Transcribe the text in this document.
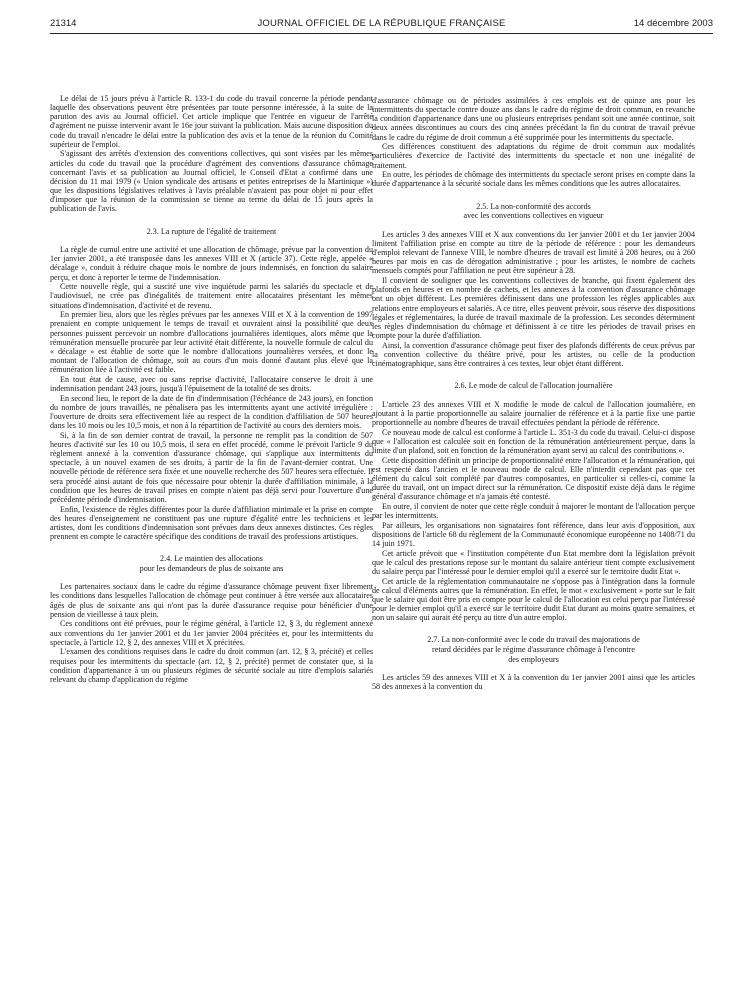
21314	JOURNAL OFFICIEL DE LA RÉPUBLIQUE FRANÇAISE	14 décembre 2003

Le délai de 15 jours prévu à l'article R. 133-1 du code du travail concerne la période pendant laquelle des observations peuvent être présentées par toute personne intéressée, à la suite de la parution des avis au Journal officiel. Cet article implique que l'entrée en vigueur de l'arrêté d'agrément ne puisse intervenir avant le 16e jour suivant la publication. Mais aucune disposition du code du travail n'encadre le délai entre la publication des avis et la tenue de la réunion du Comité supérieur de l'emploi.

S'agissant des arrêtés d'extension des conventions collectives, qui sont visées par les mêmes articles du code du travail que la procédure d'agrément des conventions d'assurance chômage concernant l'avis et sa publication au Journal officiel, le Conseil d'Etat a confirmé dans une décision du 11 mai 1979 (« Union syndicale des artisans et petites entreprises de la Martinique ») que les dispositions législatives relatives à l'avis préalable n'avaient pas pour objet ni pour effet d'imposer que la réunion de la commission se tienne au terme du délai de 15 jours après la publication de l'avis.

2.3. La rupture de l'égalité de traitement

La règle de cumul entre une activité et une allocation de chômage, prévue par la convention du 1er janvier 2001, a été transposée dans les annexes VIII et X (article 37). Cette règle, appelée « décalage », conduit à réduire chaque mois le nombre de jours indemnisés, en fonction du salaire perçu, et donc à reporter le terme de l'indemnisation.

Cette nouvelle règle, qui a suscité une vive inquiétude parmi les salariés du spectacle et de l'audiovisuel, ne crée pas d'inégalités de traitement entre allocataires présentant les mêmes situations d'indemnisation, d'activité et de revenu.

En premier lieu, alors que les règles prévues par les annexes VIII et X à la convention de 1997 prenaient en compte uniquement le temps de travail et ouvraient ainsi la possibilité que deux personnes puissent percevoir un nombre d'allocations journalières identiques, alors même que la rémunération mensuelle procurée par leur activité était différente, la nouvelle formule de calcul du « décalage » est établie de sorte que le nombre d'allocations journalières versées, et donc le montant de l'allocation de chômage, soit au cours d'un mois donné d'autant plus élevé que la rémunération liée à l'activité est faible.

En tout état de cause, avec ou sans reprise d'activité, l'allocataire conserve le droit à une indemnisation pendant 243 jours, jusqu'à l'épuisement de la totalité de ses droits.

En second lieu, le report de la date de fin d'indemnisation (l'échéance de 243 jours), en fonction du nombre de jours travaillés, ne pénalisera pas les intermittents ayant une activité irrégulière : l'ouverture de droits sera effectivement liée au respect de la condition d'affiliation de 507 heures dans les 10 mois ou les 10,5 mois, et non à la répartition de l'activité au cours des derniers mois.

Si, à la fin de son dernier contrat de travail, la personne ne remplit pas la condition de 507 heures d'activité sur les 10 ou 10,5 mois, il sera en effet procédé, comme le prévoit l'article 9 du règlement annexé à la convention d'assurance chômage, qui s'applique aux intermittents du spectacle, à un nouvel examen de ses droits, à partir de la fin de l'avant-dernier contrat. Une nouvelle période de référence sera fixée et une nouvelle recherche des 507 heures sera effectuée. Il sera procédé ainsi autant de fois que nécessaire pour obtenir la durée d'affiliation minimale, à la condition que les heures de travail prises en compte n'aient pas déjà servi pour l'ouverture d'une précédente période d'indemnisation.

Enfin, l'existence de règles différentes pour la durée d'affiliation minimale et la prise en compte des heures d'enseignement ne constituent pas une rupture d'égalité entre les techniciens et les artistes, dont les conditions d'indemnisation sont prévues dans deux annexes distinctes. Ces règles prennent en compte le caractère spécifique des conditions de travail des professions artistiques.

2.4. Le maintien des allocations
pour les demandeurs de plus de soixante ans

Les partenaires sociaux dans le cadre du régime d'assurance chômage peuvent fixer librement les conditions dans lesquelles l'allocation de chômage peut continuer à être versée aux allocataires âgés de plus de soixante ans qui n'ont pas la durée d'assurance requise pour bénéficier d'une pension de vieillesse à taux plein.

Ces conditions ont été prévues, pour le régime général, à l'article 12, § 3, du règlement annexé aux conventions du 1er janvier 2001 et du 1er janvier 2004 précitées et, pour les intermittents du spectacle, à l'article 12, § 2, des annexes VIII et X précitées.

L'examen des conditions requises dans le cadre du droit commun (art. 12, § 3, précité) et celles requises pour les intermittents du spectacle (art. 12, § 2, précité) permet de constater que, si la condition d'appartenance à un ou plusieurs régimes de sécurité sociale au titre d'emplois salariés relevant du champ d'application du régime

d'assurance chômage ou de périodes assimilées à ces emplois est de quinze ans pour les intermittents du spectacle contre douze ans dans le cadre du régime de droit commun, en revanche la condition d'appartenance dans une ou plusieurs entreprises pendant soit une année continue, soit deux années discontinues au cours des cinq années précédant la fin du contrat de travail prévue dans le cadre du régime de droit commun a été supprimée pour les intermittents du spectacle.

Ces différences constituent des adaptations du régime de droit commun aux modalités particulières d'exercice de l'activité des intermittents du spectacle et non une inégalité de traitement.

En outre, les périodes de chômage des intermittents du spectacle seront prises en compte dans la durée d'appartenance à la sécurité sociale dans les mêmes conditions que les autres allocataires.

2.5. La non-conformité des accords
avec les conventions collectives en vigueur

Les articles 3 des annexes VIII et X aux conventions du 1er janvier 2001 et du 1er janvier 2004 limitent l'affiliation prise en compte au titre de la période de référence : pour les demandeurs d'emploi relevant de l'annexe VIII, le nombre d'heures de travail est limité à 208 heures, ou à 260 heures par mois en cas de dérogation administrative ; pour les artistes, le nombre de cachets mensuels comptés pour l'affiliation ne peut être supérieur à 28.

Il convient de souligner que les conventions collectives de branche, qui fixent également des plafonds en heures et en nombre de cachets, et les annexes à la convention d'assurance chômage ont un objet différent. Les premières définissent dans une profession les règles applicables aux relations entre employeurs et salariés. A ce titre, elles peuvent prévoir, sous réserve des dispositions légales et réglementaires, la durée de travail maximale de la profession. Les secondes déterminent les règles d'indemnisation du chômage et définissent à ce titre les périodes de travail prises en compte pour la durée d'affiliation.

Ainsi, la convention d'assurance chômage peut fixer des plafonds différents de ceux prévus par la convention collective du théâtre privé, pour les artistes, ou celle de la production cinématographique, sans être contraires à ces textes, leur objet étant différent.

2.6. Le mode de calcul de l'allocation journalière

L'article 23 des annexes VIII et X modifie le mode de calcul de l'allocation journalière, en ajoutant à la partie proportionnelle au salaire journalier de référence et à la partie fixe une partie proportionnelle au nombre d'heures de travail effectuées pendant la période de référence.

Ce nouveau mode de calcul est conforme à l'article L. 351-3 du code du travail. Celui-ci dispose que « l'allocation est calculée soit en fonction de la rémunération antérieurement perçue, dans la limite d'un plafond, soit en fonction de la rémunération ayant servi au calcul des contributions ».

Cette disposition définit un principe de proportionnalité entre l'allocation et la rémunération, qui est respecté dans l'ancien et le nouveau mode de calcul. Elle n'interdit cependant pas que cet élément du calcul soit complété par d'autres composantes, en particulier si celles-ci, comme la durée du travail, ont un impact direct sur la rémunération. Ce dispositif existe déjà dans le régime général d'assurance chômage et n'a jamais été contesté.

En outre, il convient de noter que cette règle conduit à majorer le montant de l'allocation perçue par les intermittents.

Par ailleurs, les organisations non signataires font référence, dans leur avis d'opposition, aux dispositions de l'article 68 du règlement de la Communauté économique européenne no 1408/71 du 14 juin 1971.

Cet article prévoit que « l'institution compétente d'un Etat membre dont la législation prévoit que le calcul des prestations repose sur le montant du salaire antérieur tient compte exclusivement du salaire perçu par l'intéressé pour le dernier emploi qu'il a exercé sur le territoire dudit Etat ».

Cet article de la réglementation communautaire ne s'oppose pas à l'intégration dans la formule de calcul d'éléments autres que la rémunération. En effet, le mot « exclusivement » porte sur le fait que le salaire qui doit être pris en compte pour le calcul de l'allocation est celui perçu par l'intéressé pour le dernier emploi qu'il a exercé sur le territoire dudit Etat durant au moins quatre semaines, et non un salaire qui aurait été perçu au titre d'un autre emploi.

2.7. La non-conformité avec le code du travail des majorations de
retard décidées par le régime d'assurance chômage à l'encontre
des employeurs

Les articles 59 des annexes VIII et X à la convention du 1er janvier 2001 ainsi que les articles 58 des annexes à la convention du
